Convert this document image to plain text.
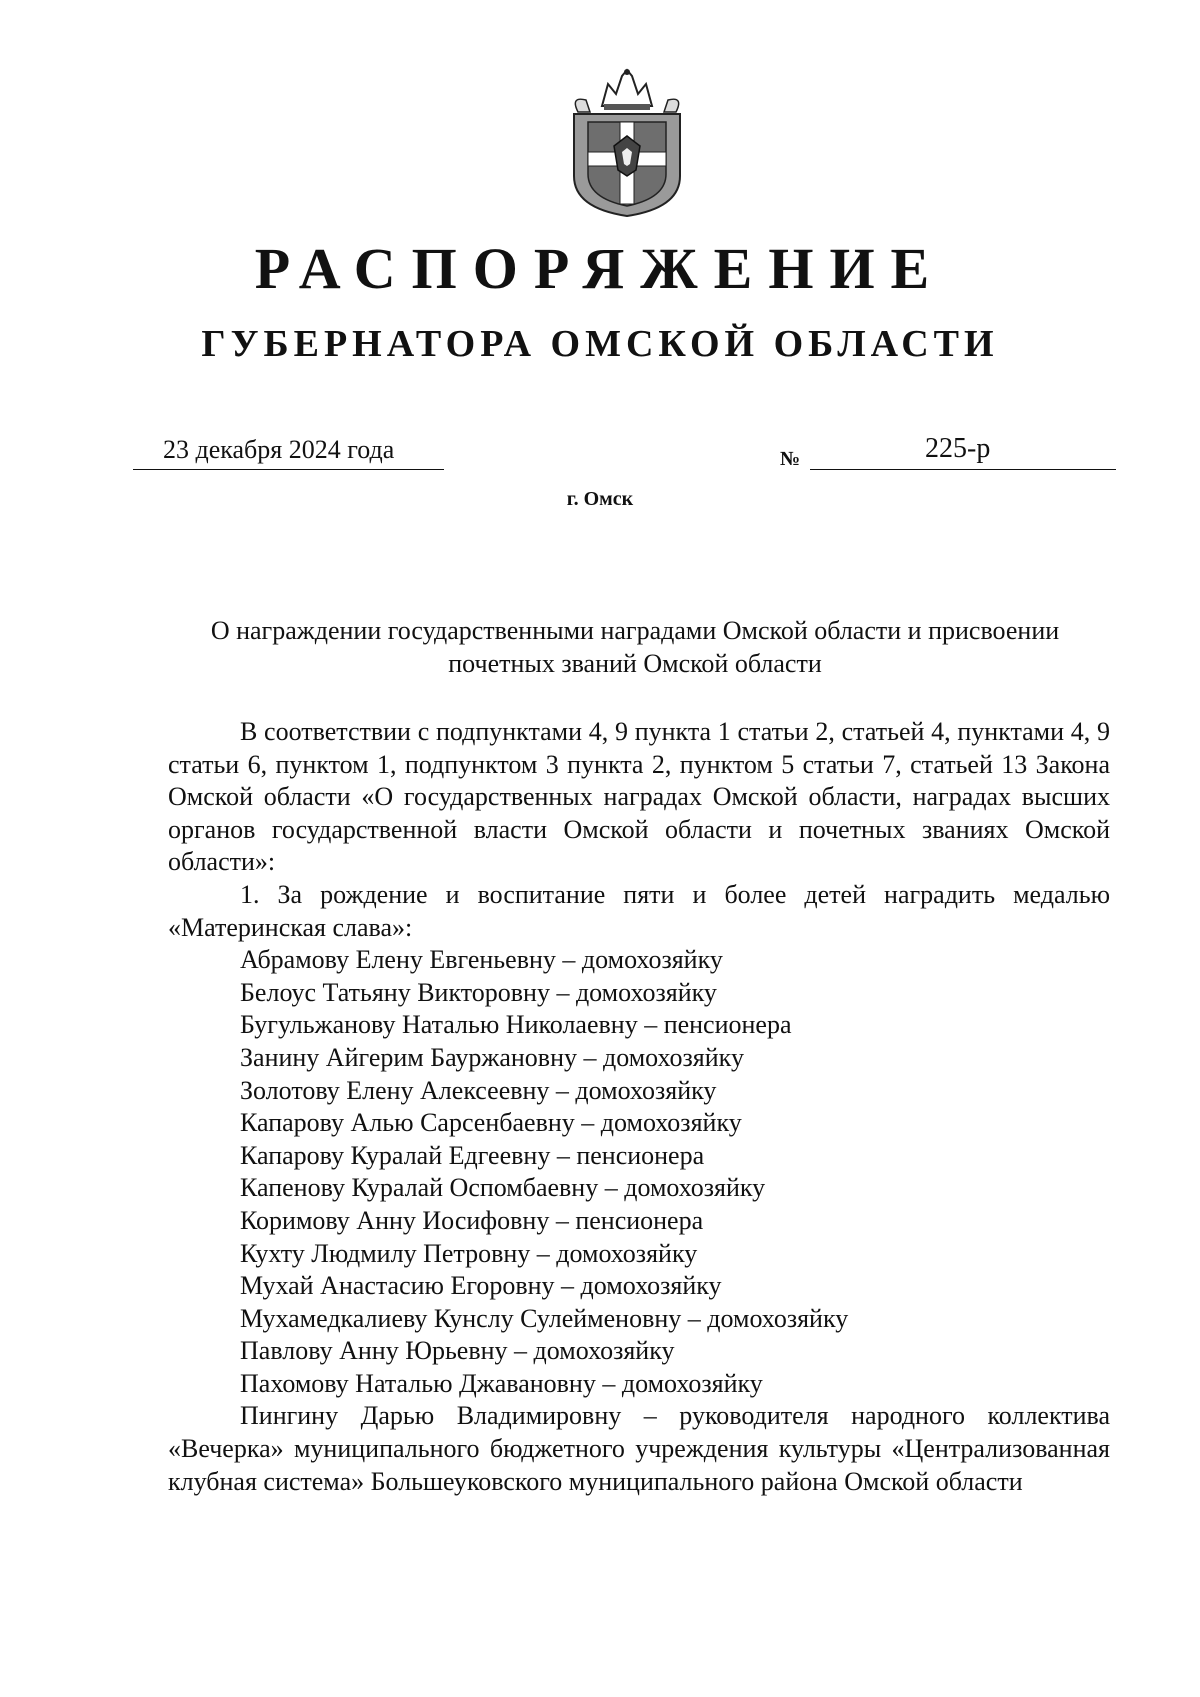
РАСПОРЯЖЕНИЕ
ГУБЕРНАТОРА ОМСКОЙ ОБЛАСТИ
23 декабря 2024 года	№	225-р
г. Омск
О награждении государственными наградами Омской области и присвоении почетных званий Омской области

В соответствии с подпунктами 4, 9 пункта 1 статьи 2, статьей 4, пунктами 4, 9 статьи 6, пунктом 1, подпунктом 3 пункта 2, пунктом 5 статьи 7, статьей 13 Закона Омской области «О государственных наградах Омской области, наградах высших органов государственной власти Омской области и почетных званиях Омской области»:

1. За рождение и воспитание пяти и более детей наградить медалью «Материнская слава»:

Абрамову Елену Евгеньевну – домохозяйку
Белоус Татьяну Викторовну – домохозяйку
Бугульжанову Наталью Николаевну – пенсионера
Занину Айгерим Бауржановну – домохозяйку
Золотову Елену Алексеевну – домохозяйку
Капарову Алью Сарсенбаевну – домохозяйку
Капарову Куралай Едгеевну – пенсионера
Капенову Куралай Оспомбаевну – домохозяйку
Коримову Анну Иосифовну – пенсионера
Кухту Людмилу Петровну – домохозяйку
Мухай Анастасию Егоровну – домохозяйку
Мухамедкалиеву Кунслу Сулейменовну – домохозяйку
Павлову Анну Юрьевну – домохозяйку
Пахомову Наталью Джавановну – домохозяйку
Пингину Дарью Владимировну – руководителя народного коллектива «Вечерка» муниципального бюджетного учреждения культуры «Централизованная клубная система» Большеуковского муниципального района Омской области
